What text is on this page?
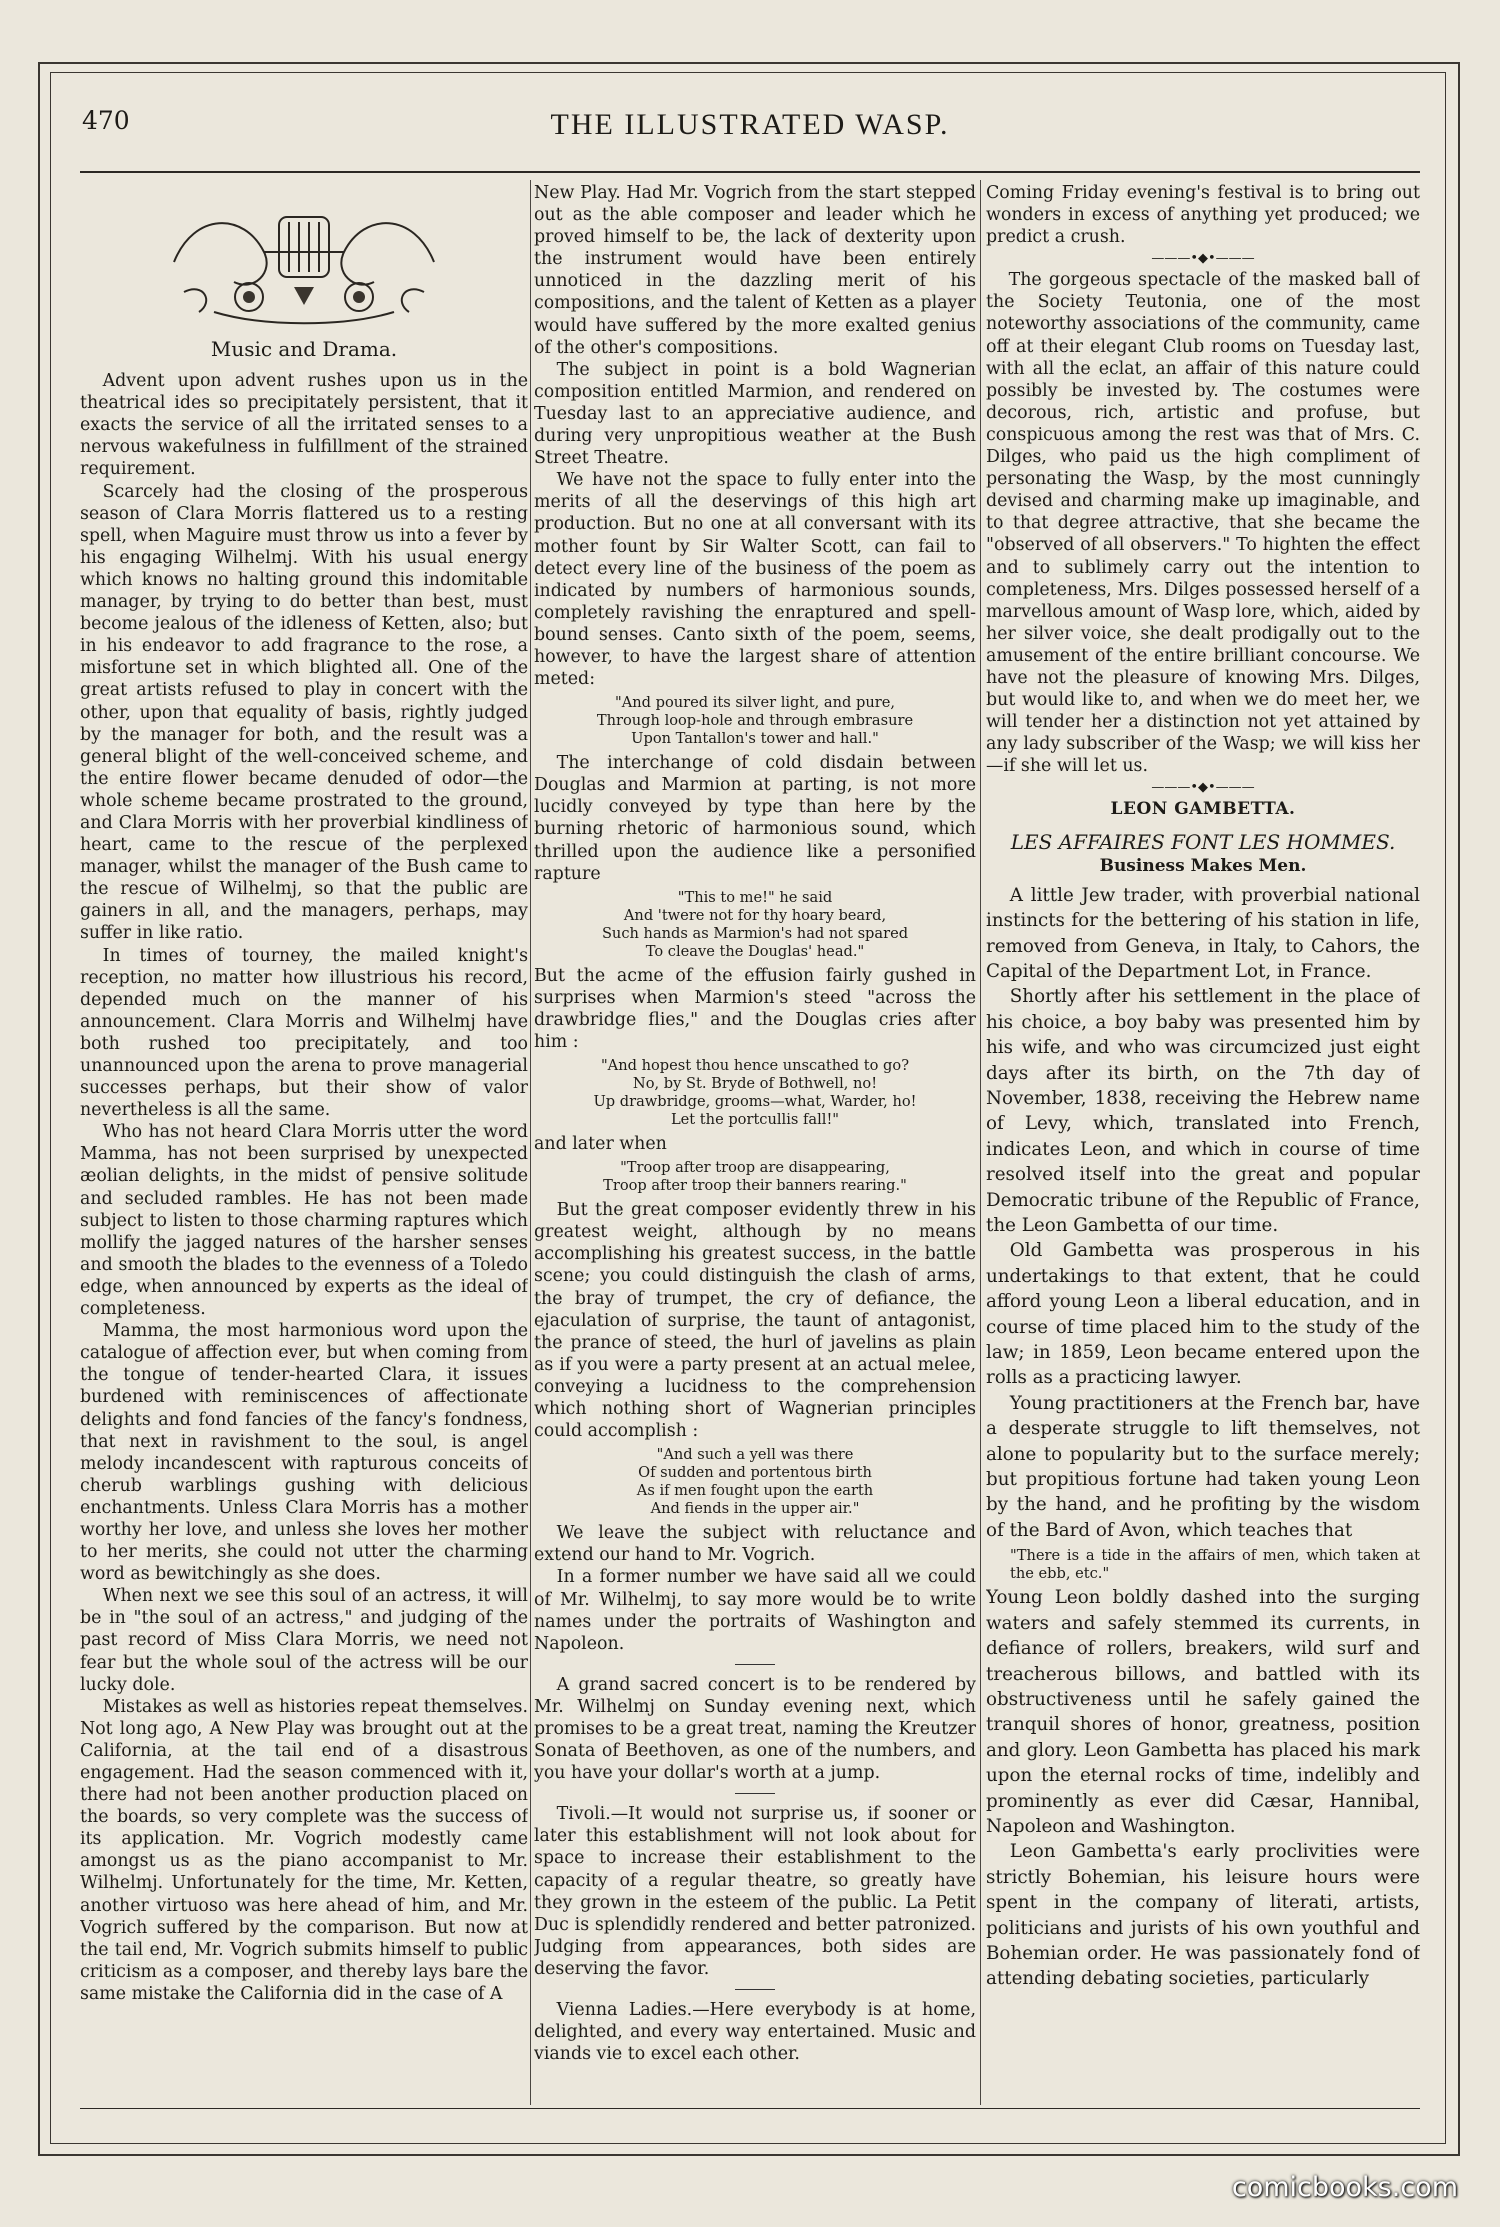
470	THE ILLUSTRATED WASP.
Music and Drama.

Advent upon advent rushes upon us in the theatrical ides so precipitately persistent, that it exacts the service of all the irritated senses to a nervous wakefulness in fulfillment of the strained requirement.

Scarcely had the closing of the prosperous season of Clara Morris flattered us to a resting spell, when Maguire must throw us into a fever by his engaging Wilhelmj. With his usual energy which knows no halting ground this indomitable manager, by trying to do better than best, must become jealous of the idleness of Ketten, also; but in his endeavor to add fragrance to the rose, a misfortune set in which blighted all. One of the great artists refused to play in concert with the other, upon that equality of basis, rightly judged by the manager for both, and the result was a general blight of the well-conceived scheme, and the entire flower became denuded of odor—the whole scheme became prostrated to the ground, and Clara Morris with her proverbial kindliness of heart, came to the rescue of the perplexed manager, whilst the manager of the Bush came to the rescue of Wilhelmj, so that the public are gainers in all, and the managers, perhaps, may suffer in like ratio.

In times of tourney, the mailed knight's reception, no matter how illustrious his record, depended much on the manner of his announcement. Clara Morris and Wilhelmj have both rushed too precipitately, and too unannounced upon the arena to prove managerial successes perhaps, but their show of valor nevertheless is all the same.

Who has not heard Clara Morris utter the word Mamma, has not been surprised by unexpected æolian delights, in the midst of pensive solitude and secluded rambles. He has not been made subject to listen to those charming raptures which mollify the jagged natures of the harsher senses and smooth the blades to the evenness of a Toledo edge, when announced by experts as the ideal of completeness.

Mamma, the most harmonious word upon the catalogue of affection ever, but when coming from the tongue of tender-hearted Clara, it issues burdened with reminiscences of affectionate delights and fond fancies of the fancy's fondness, that next in ravishment to the soul, is angel melody incandescent with rapturous conceits of cherub warblings gushing with delicious enchantments. Unless Clara Morris has a mother worthy her love, and unless she loves her mother to her merits, she could not utter the charming word as bewitchingly as she does.

When next we see this soul of an actress, it will be in "the soul of an actress," and judging of the past record of Miss Clara Morris, we need not fear but the whole soul of the actress will be our lucky dole.

Mistakes as well as histories repeat themselves. Not long ago, A New Play was brought out at the California, at the tail end of a disastrous engagement. Had the season commenced with it, there had not been another production placed on the boards, so very complete was the success of its application. Mr. Vogrich modestly came amongst us as the piano accompanist to Mr. Wilhelmj. Unfortunately for the time, Mr. Ketten, another virtuoso was here ahead of him, and Mr. Vogrich suffered by the comparison. But now at the tail end, Mr. Vogrich submits himself to public criticism as a composer, and thereby lays bare the same mistake the California did in the case of A

New Play. Had Mr. Vogrich from the start stepped out as the able composer and leader which he proved himself to be, the lack of dexterity upon the instrument would have been entirely unnoticed in the dazzling merit of his compositions, and the talent of Ketten as a player would have suffered by the more exalted genius of the other's compositions.

The subject in point is a bold Wagnerian composition entitled Marmion, and rendered on Tuesday last to an appreciative audience, and during very unpropitious weather at the Bush Street Theatre.

We have not the space to fully enter into the merits of all the deservings of this high art production. But no one at all conversant with its mother fount by Sir Walter Scott, can fail to detect every line of the business of the poem as indicated by numbers of harmonious sounds, completely ravishing the enraptured and spell-bound senses. Canto sixth of the poem, seems, however, to have the largest share of attention meted:

"And poured its silver light, and pure,
Through loop-hole and through embrasure
Upon Tantallon's tower and hall."

The interchange of cold disdain between Douglas and Marmion at parting, is not more lucidly conveyed by type than here by the burning rhetoric of harmonious sound, which thrilled upon the audience like a personified rapture

"This to me!" he said
And 'twere not for thy hoary beard,
Such hands as Marmion's had not spared
To cleave the Douglas' head."

But the acme of the effusion fairly gushed in surprises when Marmion's steed "across the drawbridge flies," and the Douglas cries after him :

"And hopest thou hence unscathed to go?
No, by St. Bryde of Bothwell, no!
Up drawbridge, grooms—what, Warder, ho!
Let the portcullis fall!"

and later when

"Troop after troop are disappearing,
Troop after troop their banners rearing."

But the great composer evidently threw in his greatest weight, although by no means accomplishing his greatest success, in the battle scene; you could distinguish the clash of arms, the bray of trumpet, the cry of defiance, the ejaculation of surprise, the taunt of antagonist, the prance of steed, the hurl of javelins as plain as if you were a party present at an actual melee, conveying a lucidness to the comprehension which nothing short of Wagnerian principles could accomplish :

"And such a yell was there
Of sudden and portentous birth
As if men fought upon the earth
And fiends in the upper air."

We leave the subject with reluctance and extend our hand to Mr. Vogrich.

In a former number we have said all we could of Mr. Wilhelmj, to say more would be to write names under the portraits of Washington and Napoleon.

A grand sacred concert is to be rendered by Mr. Wilhelmj on Sunday evening next, which promises to be a great treat, naming the Kreutzer Sonata of Beethoven, as one of the numbers, and you have your dollar's worth at a jump.

Tivoli.—It would not surprise us, if sooner or later this establishment will not look about for space to increase their establishment to the capacity of a regular theatre, so greatly have they grown in the esteem of the public. La Petit Duc is splendidly rendered and better patronized. Judging from appearances, both sides are deserving the favor.

Vienna Ladies.—Here everybody is at home, delighted, and every way entertained. Music and viands vie to excel each other.

Coming Friday evening's festival is to bring out wonders in excess of anything yet produced; we predict a crush.

———•◆•———

The gorgeous spectacle of the masked ball of the Society Teutonia, one of the most noteworthy associations of the community, came off at their elegant Club rooms on Tuesday last, with all the eclat, an affair of this nature could possibly be invested by. The costumes were decorous, rich, artistic and profuse, but conspicuous among the rest was that of Mrs. C. Dilges, who paid us the high compliment of personating the Wasp, by the most cunningly devised and charming make up imaginable, and to that degree attractive, that she became the "observed of all observers." To highten the effect and to sublimely carry out the intention to completeness, Mrs. Dilges possessed herself of a marvellous amount of Wasp lore, which, aided by her silver voice, she dealt prodigally out to the amusement of the entire brilliant concourse. We have not the pleasure of knowing Mrs. Dilges, but would like to, and when we do meet her, we will tender her a distinction not yet attained by any lady subscriber of the Wasp; we will kiss her—if she will let us.

———•◆•———
LEON GAMBETTA.
LES AFFAIRES FONT LES HOMMES.
Business Makes Men.

A little Jew trader, with proverbial national instincts for the bettering of his station in life, removed from Geneva, in Italy, to Cahors, the Capital of the Department Lot, in France.

Shortly after his settlement in the place of his choice, a boy baby was presented him by his wife, and who was circumcized just eight days after its birth, on the 7th day of November, 1838, receiving the Hebrew name of Levy, which, translated into French, indicates Leon, and which in course of time resolved itself into the great and popular Democratic tribune of the Republic of France, the Leon Gambetta of our time.

Old Gambetta was prosperous in his undertakings to that extent, that he could afford young Leon a liberal education, and in course of time placed him to the study of the law; in 1859, Leon became entered upon the rolls as a practicing lawyer.

Young practitioners at the French bar, have a desperate struggle to lift themselves, not alone to popularity but to the surface merely; but propitious fortune had taken young Leon by the hand, and he profiting by the wisdom of the Bard of Avon, which teaches that

"There is a tide in the affairs of men, which taken at the ebb, etc."

Young Leon boldly dashed into the surging waters and safely stemmed its currents, in defiance of rollers, breakers, wild surf and treacherous billows, and battled with its obstructiveness until he safely gained the tranquil shores of honor, greatness, position and glory. Leon Gambetta has placed his mark upon the eternal rocks of time, indelibly and prominently as ever did Cæsar, Hannibal, Napoleon and Washington.

Leon Gambetta's early proclivities were strictly Bohemian, his leisure hours were spent in the company of literati, artists, politicians and jurists of his own youthful and Bohemian order. He was passionately fond of attending debating societies, particularly

comicbooks.com
